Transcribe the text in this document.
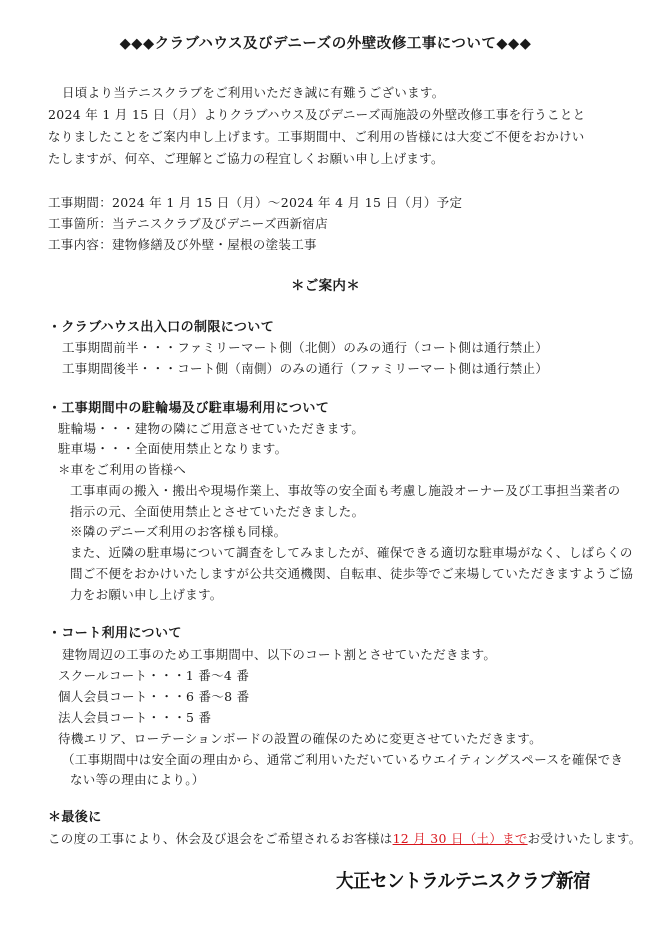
◆◆◆クラブハウス及びデニーズの外壁改修工事について◆◆◆
日頃より当テニスクラブをご利用いただき誠に有難うございます。
2024 年 1 月 15 日（月）よりクラブハウス及びデニーズ両施設の外壁改修工事を行うことと
なりましたことをご案内申し上げます。工事期間中、ご利用の皆様には大変ご不便をおかけい
たしますが、何卒、ご理解とご協力の程宜しくお願い申し上げます。
工事期間：2024 年 1 月 15 日（月）～2024 年 4 月 15 日（月）予定
工事箇所：当テニスクラブ及びデニーズ西新宿店
工事内容：建物修繕及び外壁・屋根の塗装工事
＊ご案内＊
・クラブハウス出入口の制限について
工事期間前半・・・ファミリーマート側（北側）のみの通行（コート側は通行禁止）
工事期間後半・・・コート側（南側）のみの通行（ファミリーマート側は通行禁止）
・工事期間中の駐輪場及び駐車場利用について
駐輪場・・・建物の隣にご用意させていただきます。
駐車場・・・全面使用禁止となります。
＊車をご利用の皆様へ
工事車両の搬入・搬出や現場作業上、事故等の安全面も考慮し施設オーナー及び工事担当業者の
指示の元、全面使用禁止とさせていただきました。
※隣のデニーズ利用のお客様も同様。
また、近隣の駐車場について調査をしてみましたが、確保できる適切な駐車場がなく、しばらくの
間ご不便をおかけいたしますが公共交通機関、自転車、徒歩等でご来場していただきますようご協
力をお願い申し上げます。
・コート利用について
建物周辺の工事のため工事期間中、以下のコート割とさせていただきます。
スクールコート・・・1 番～4 番
個人会員コート・・・6 番～8 番
法人会員コート・・・5 番
待機エリア、ローテーションボードの設置の確保のために変更させていただきます。
（工事期間中は安全面の理由から、通常ご利用いただいているウエイティングスペースを確保でき
ない等の理由により。）
＊最後に
この度の工事により、休会及び退会をご希望されるお客様は12 月 30 日（土）までお受けいたします。
大正セントラルテニスクラブ新宿
